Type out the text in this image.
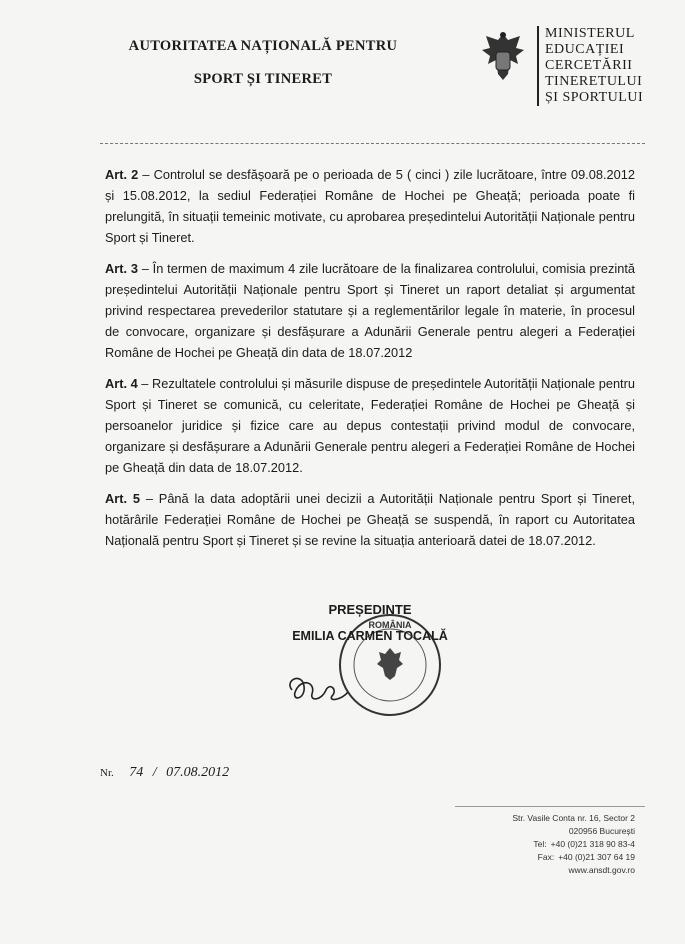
AUTORITATEA NAȚIONALĂ PENTRU
SPORT ȘI TINERET
MINISTERUL
EDUCAȚIEI
CERCETĂRII
TINERETULUI
ȘI SPORTULUI

Art. 2 – Controlul se desfășoară pe o perioada de 5 ( cinci ) zile lucrătoare, între 09.08.2012 și 15.08.2012, la sediul Federației Române de Hochei pe Gheață; perioada poate fi prelungită, în situații temeinic motivate, cu aprobarea președintelui Autorității Naționale pentru Sport și Tineret.

Art. 3 – În termen de maximum 4 zile lucrătoare de la finalizarea controlului, comisia prezintă președintelui Autorității Naționale pentru Sport și Tineret un raport detaliat și argumentat privind respectarea prevederilor statutare și a reglementărilor legale în materie, în procesul de convocare, organizare și desfășurare a Adunării Generale pentru alegeri a Federației Române de Hochei pe Gheață din data de 18.07.2012

Art. 4 – Rezultatele controlului și măsurile dispuse de președintele Autorității Naționale pentru Sport și Tineret se comunică, cu celeritate, Federației Române de Hochei pe Gheață și persoanelor juridice și fizice care au depus contestații privind modul de convocare, organizare și desfășurare a Adunării Generale pentru alegeri a Federației Române de Hochei pe Gheață din data de 18.07.2012.

Art. 5 – Până la data adoptării unei decizii a Autorității Naționale pentru Sport și Tineret, hotărârile Federației Române de Hochei pe Gheață se suspendă, în raport cu Autoritatea Națională pentru Sport și Tineret și se revine la situația anterioară datei de 18.07.2012.

ROMÂNIA
PREȘEDINTE
EMILIA CARMEN TOCALĂ
Nr. 74 / 07.08.2012
Str. Vasile Conta nr. 16, Sector 2
020956 București
Tel: +40 (0)21 318 90 83-4
Fax: +40 (0)21 307 64 19
www.ansdt.gov.ro
